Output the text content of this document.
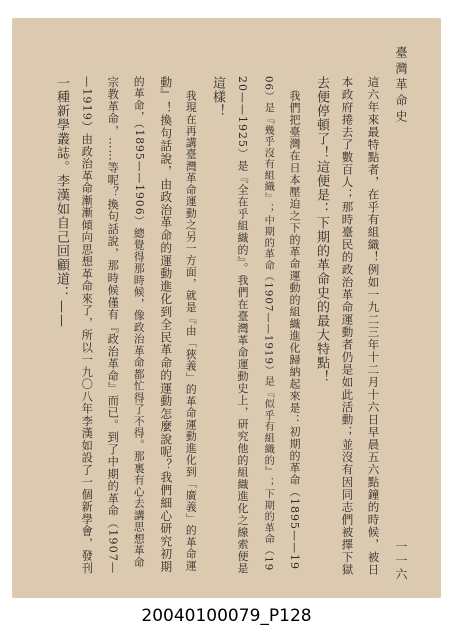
臺灣革命史
這六年來最特點者，在乎有組織！例如一九二三年十二月十六日早晨五六點鐘的時候，被日
本政府捲去了數百人；那時臺民的政治革命運動者仍是如此活動；並沒有因同志們被擇下獄
去便停頓了！這便是：下期的革命史的最大特點！
我們把臺灣在日本壓迫之下的革命運動的組織進化歸納起來是：初期的革命（1895——19
06）是『幾乎沒有組織』；中期的革命（1907——1919）是『似乎有組織的』；下期的革命（19
20——1925）是『全在乎組織的』。我們在臺灣革命運動史上，研究他的組織進化之線索便是
這樣！
我現在再講臺灣革命運動之另一方面，就是『由「狹義」的革命運動進化到「廣義」的革命運
動』！換句話說，由政治革命的運動進化到全民革命的運動怎麼說呢？我們細心研究初期
的革命，（1895——1906）總覺得那時候，像政治革命都忙得了不得。那裏有心去講思想革命
宗教革命，……等呢？換句話說，那時候僅有『政治革命』而已。到了中期的革命（1907—
—1919）由政治革命漸漸傾向思想革命來了，所以一九〇八年李漢如設了一個新學會，發刊
一種新學叢誌。李漢如自己回顧道：——
一一六
20040100079_P128
